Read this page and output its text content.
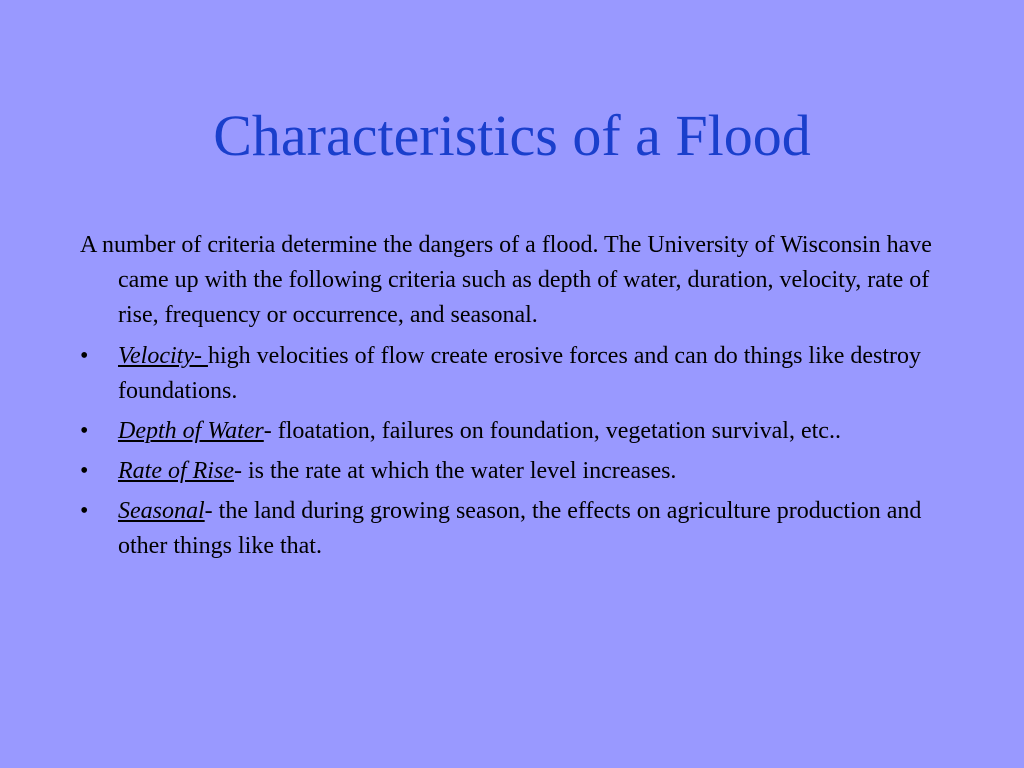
Characteristics of a Flood

A number of criteria determine the dangers of a flood. The University of Wisconsin have came up with the following criteria such as depth of water, duration, velocity, rate of rise, frequency or occurrence, and seasonal.

• Velocity- high velocities of flow create erosive forces and can do things like destroy foundations.
• Depth of Water- floatation, failures on foundation, vegetation survival, etc..
• Rate of Rise- is the rate at which the water level increases.
• Seasonal- the land during growing season, the effects on agriculture production and other things like that.
